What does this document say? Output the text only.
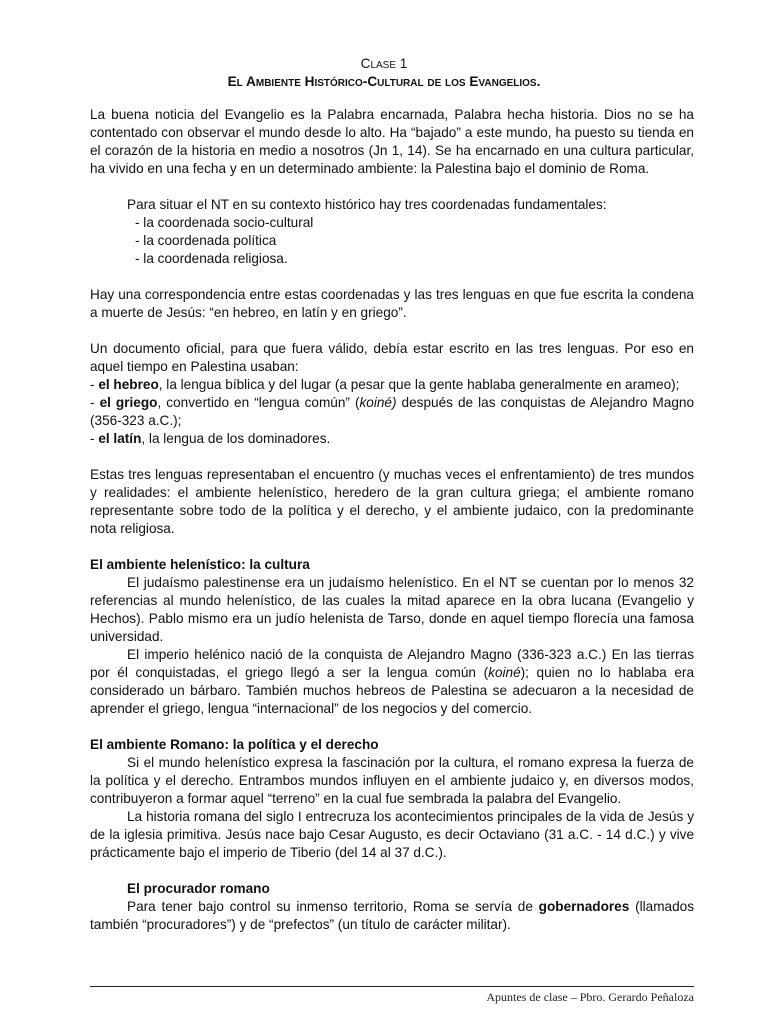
Clase 1
El Ambiente Histórico-Cultural de los Evangelios.

La buena noticia del Evangelio es la Palabra encarnada, Palabra hecha historia. Dios no se ha contentado con observar el mundo desde lo alto. Ha “bajado” a este mundo, ha puesto su tienda en el corazón de la historia en medio a nosotros (Jn 1, 14). Se ha encarnado en una cultura particular, ha vivido en una fecha y en un determinado ambiente: la Palestina bajo el dominio de Roma.

Para situar el NT en su contexto histórico hay tres coordenadas fundamentales:

- la coordenada socio-cultural

- la coordenada política

- la coordenada religiosa.

Hay una correspondencia entre estas coordenadas y las tres lenguas en que fue escrita la condena a muerte de Jesús: “en hebreo, en latín y en griego”.

Un documento oficial, para que fuera válido, debía estar escrito en las tres lenguas. Por eso en aquel tiempo en Palestina usaban:

- el hebreo, la lengua bíblica y del lugar (a pesar que la gente hablaba generalmente en arameo);

- el griego, convertido en “lengua común” (koiné) después de las conquistas de Alejandro Magno (356-323 a.C.);

- el latín, la lengua de los dominadores.

Estas tres lenguas representaban el encuentro (y muchas veces el enfrentamiento) de tres mundos y realidades: el ambiente helenístico, heredero de la gran cultura griega; el ambiente romano representante sobre todo de la política y el derecho, y el ambiente judaico, con la predominante nota religiosa.

El ambiente helenístico: la cultura

El judaísmo palestinense era un judaísmo helenístico. En el NT se cuentan por lo menos 32 referencias al mundo helenístico, de las cuales la mitad aparece en la obra lucana (Evangelio y Hechos). Pablo mismo era un judío helenista de Tarso, donde en aquel tiempo florecía una famosa universidad.

El imperio helénico nació de la conquista de Alejandro Magno (336-323 a.C.) En las tierras por él conquistadas, el griego llegó a ser la lengua común (koiné); quien no lo hablaba era considerado un bárbaro. También muchos hebreos de Palestina se adecuaron a la necesidad de aprender el griego, lengua “internacional” de los negocios y del comercio.

El ambiente Romano: la política y el derecho

Si el mundo helenístico expresa la fascinación por la cultura, el romano expresa la fuerza de la política y el derecho. Entrambos mundos influyen en el ambiente judaico y, en diversos modos, contribuyeron a formar aquel “terreno” en la cual fue sembrada la palabra del Evangelio.

La historia romana del siglo I entrecruza los acontecimientos principales de la vida de Jesús y de la iglesia primitiva. Jesús nace bajo Cesar Augusto, es decir Octaviano (31 a.C. - 14 d.C.) y vive prácticamente bajo el imperio de Tiberio (del 14 al 37 d.C.).

El procurador romano

Para tener bajo control su inmenso territorio, Roma se servía de gobernadores (llamados también “procuradores”) y de “prefectos” (un título de carácter militar).

Apuntes de clase – Pbro. Gerardo Peñaloza
